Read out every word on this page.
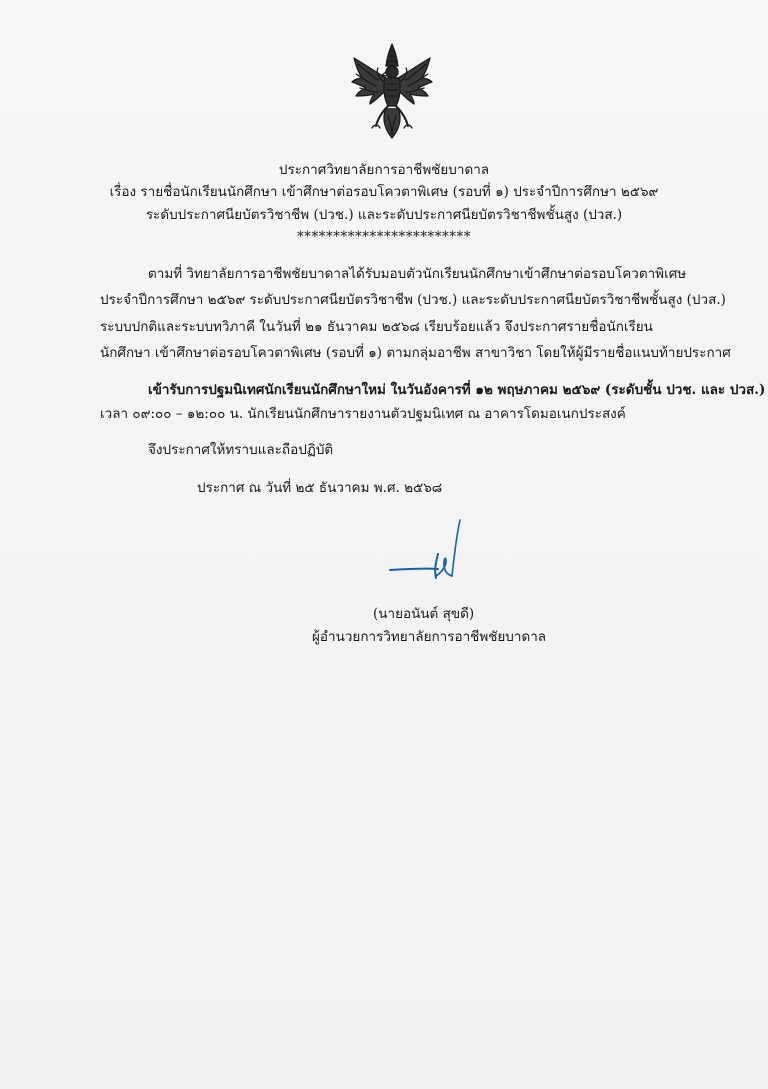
ประกาศวิทยาลัยการอาชีพชัยบาดาล
เรื่อง รายชื่อนักเรียนนักศึกษา เข้าศึกษาต่อรอบโควตาพิเศษ (รอบที่ ๑) ประจำปีการศึกษา ๒๕๖๙
ระดับประกาศนียบัตรวิชาชีพ (ปวช.) และระดับประกาศนียบัตรวิชาชีพชั้นสูง (ปวส.)
************************
ตามที่ วิทยาลัยการอาชีพชัยบาดาลได้รับมอบตัวนักเรียนนักศึกษาเข้าศึกษาต่อรอบโควตาพิเศษ
ประจำปีการศึกษา ๒๕๖๙ ระดับประกาศนียบัตรวิชาชีพ (ปวช.) และระดับประกาศนียบัตรวิชาชีพชั้นสูง (ปวส.)
ระบบปกติและระบบทวิภาคี ในวันที่ ๒๑ ธันวาคม ๒๕๖๘ เรียบร้อยแล้ว จึงประกาศรายชื่อนักเรียน
นักศึกษา เข้าศึกษาต่อรอบโควตาพิเศษ (รอบที่ ๑) ตามกลุ่มอาชีพ สาขาวิชา โดยให้ผู้มีรายชื่อแนบท้ายประกาศ
เข้ารับการปฐมนิเทศนักเรียนนักศึกษาใหม่ ในวันอังคารที่ ๑๒ พฤษภาคม ๒๕๖๙ (ระดับชั้น ปวช. และ ปวส.)
เวลา ๐๙:๐๐ – ๑๒:๐๐ น. นักเรียนนักศึกษารายงานตัวปฐมนิเทศ ณ อาคารโดมอเนกประสงค์
จึงประกาศให้ทราบและถือปฏิบัติ
ประกาศ ณ วันที่ ๒๕ ธันวาคม พ.ศ. ๒๕๖๘
(นายอนันต์ สุขดี)
ผู้อำนวยการวิทยาลัยการอาชีพชัยบาดาล
